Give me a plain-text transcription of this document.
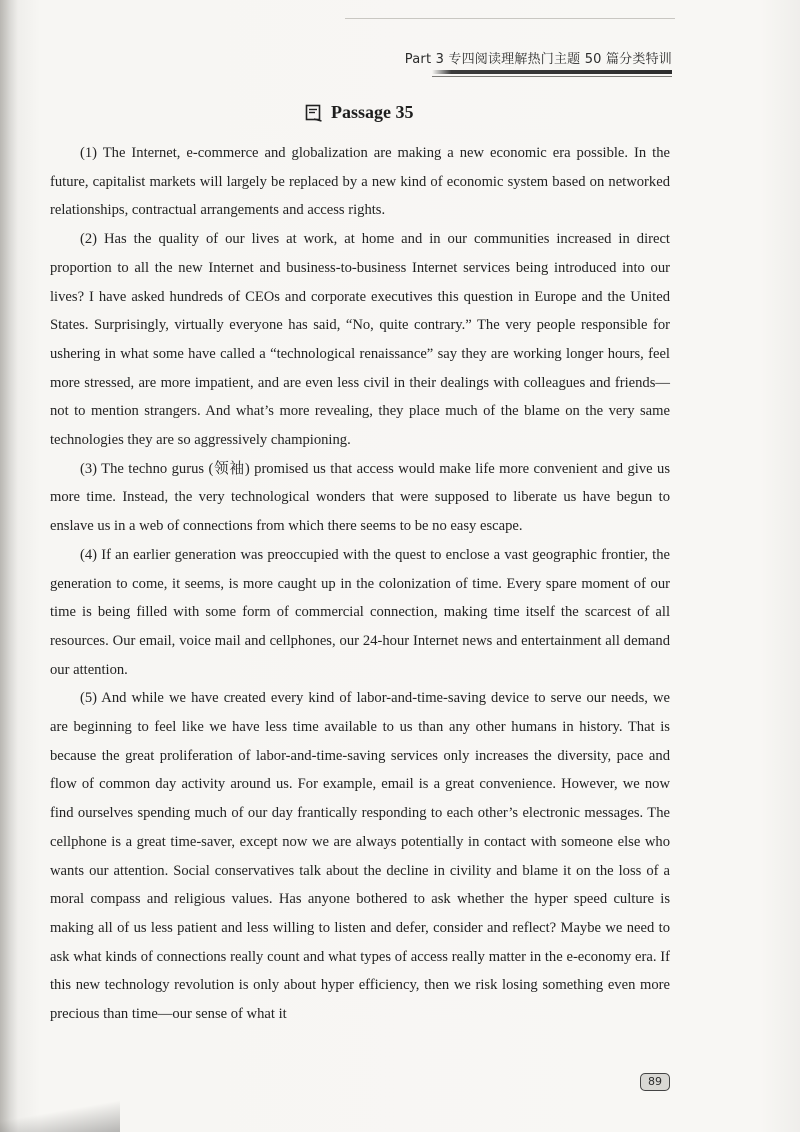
Part 3 专四阅读理解热门主题 50 篇分类特训
Passage 35

(1) The Internet, e-commerce and globalization are making a new economic era possible. In the future, capitalist markets will largely be replaced by a new kind of economic system based on networked relationships, contractual arrangements and access rights.

(2) Has the quality of our lives at work, at home and in our communities increased in direct proportion to all the new Internet and business-to-business Internet services being introduced into our lives? I have asked hundreds of CEOs and corporate executives this question in Europe and the United States. Surprisingly, virtually everyone has said, “No, quite contrary.” The very people responsible for ushering in what some have called a “technological renaissance” say they are working longer hours, feel more stressed, are more impatient, and are even less civil in their dealings with colleagues and friends—not to mention strangers. And what’s more revealing, they place much of the blame on the very same technologies they are so aggressively championing.

(3) The techno gurus (领袖) promised us that access would make life more convenient and give us more time. Instead, the very technological wonders that were supposed to liberate us have begun to enslave us in a web of connections from which there seems to be no easy escape.

(4) If an earlier generation was preoccupied with the quest to enclose a vast geographic frontier, the generation to come, it seems, is more caught up in the colonization of time. Every spare moment of our time is being filled with some form of commercial connection, making time itself the scarcest of all resources. Our email, voice mail and cellphones, our 24-hour Internet news and entertainment all demand our attention.

(5) And while we have created every kind of labor-and-time-saving device to serve our needs, we are beginning to feel like we have less time available to us than any other humans in history. That is because the great proliferation of labor-and-time-saving services only increases the diversity, pace and flow of common day activity around us. For example, email is a great convenience. However, we now find ourselves spending much of our day frantically responding to each other’s electronic messages. The cellphone is a great time-saver, except now we are always potentially in contact with someone else who wants our attention. Social conservatives talk about the decline in civility and blame it on the loss of a moral compass and religious values. Has anyone bothered to ask whether the hyper speed culture is making all of us less patient and less willing to listen and defer, consider and reflect? Maybe we need to ask what kinds of connections really count and what types of access really matter in the e-economy era. If this new technology revolution is only about hyper efficiency, then we risk losing something even more precious than time—our sense of what it

89
